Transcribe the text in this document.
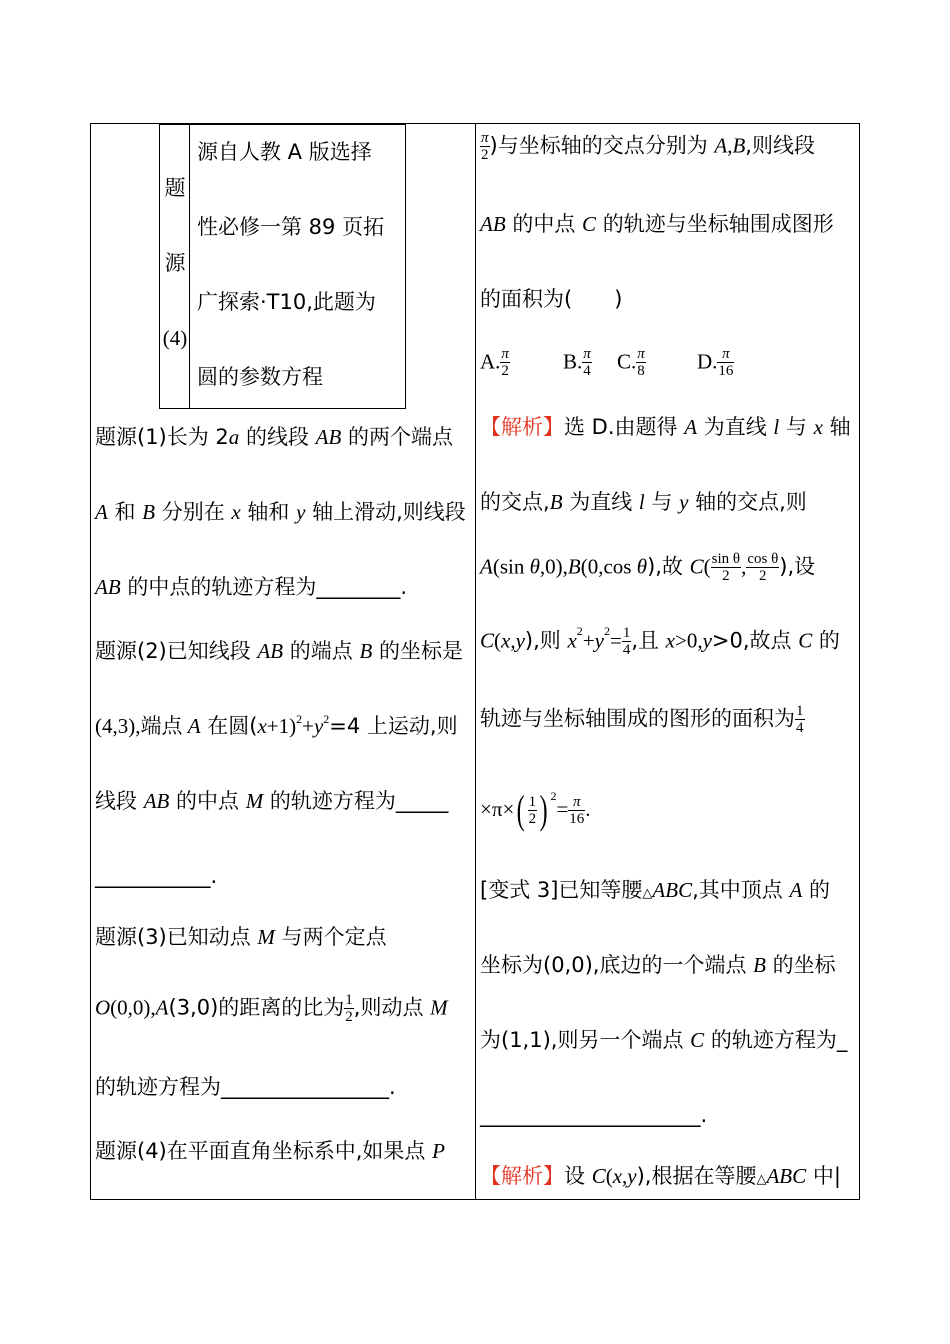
题
源
(4)
源自人教 A 版选择
性必修一第 89 页拓
广探索·T10,此题为
圆的参数方程
题源(1)长为 2a 的线段 AB 的两个端点
A 和 B 分别在 x 轴和 y 轴上滑动,则线段
AB 的中点的轨迹方程为________.
题源(2)已知线段 AB 的端点 B 的坐标是
(4,3),端点 A 在圆$(x+1)^2+y^2=4$ 上运动,则
线段 AB 的中点 M 的轨迹方程为_____
___________.
题源(3)已知动点 M 与两个定点
O(0,0),A(3,0)的距离的比为 $\frac{1}{2}$ ,则动点 M
的轨迹方程为________________.
题源(4)在平面直角坐标系中,如果点 P
$\frac{\pi}{2}$ )与坐标轴的交点分别为 A,B,则线段
AB 的中点 C 的轨迹与坐标轴围成图形
的面积为(　　)
A. $\frac{\pi}{2}$	B. $\frac{\pi}{4} C$. $\frac{\pi}{8} D$. $\frac{\pi}{16}$
【解析】选 D.由题得 A 为直线 l 与 x 轴
的交点,B 为直线 l 与 y 轴的交点,则
A(sin θ,0),B(0,cos θ),故 $C( \frac{\text{sin θ}}{2}$ , $\frac{\text{cos θ}}{2}$ ),设
C(x,y),则 $x^2+y^2= \frac{1}{4}$ ,且 x>0,y>0,故点 C 的
轨迹与坐标轴围成的图形的面积为 $\frac{1}{4}$
$\times\pi\times( \frac{1}{2}$ ) $^2= \frac{\pi}{16}$ .
[变式 3]已知等腰△ABC,其中顶点 A 的
坐标为(0,0),底边的一个端点 B 的坐标
为(1,1),则另一个端点 C 的轨迹方程为_
_____________________.
【解析】设 C(x,y),根据在等腰△ABC 中|
